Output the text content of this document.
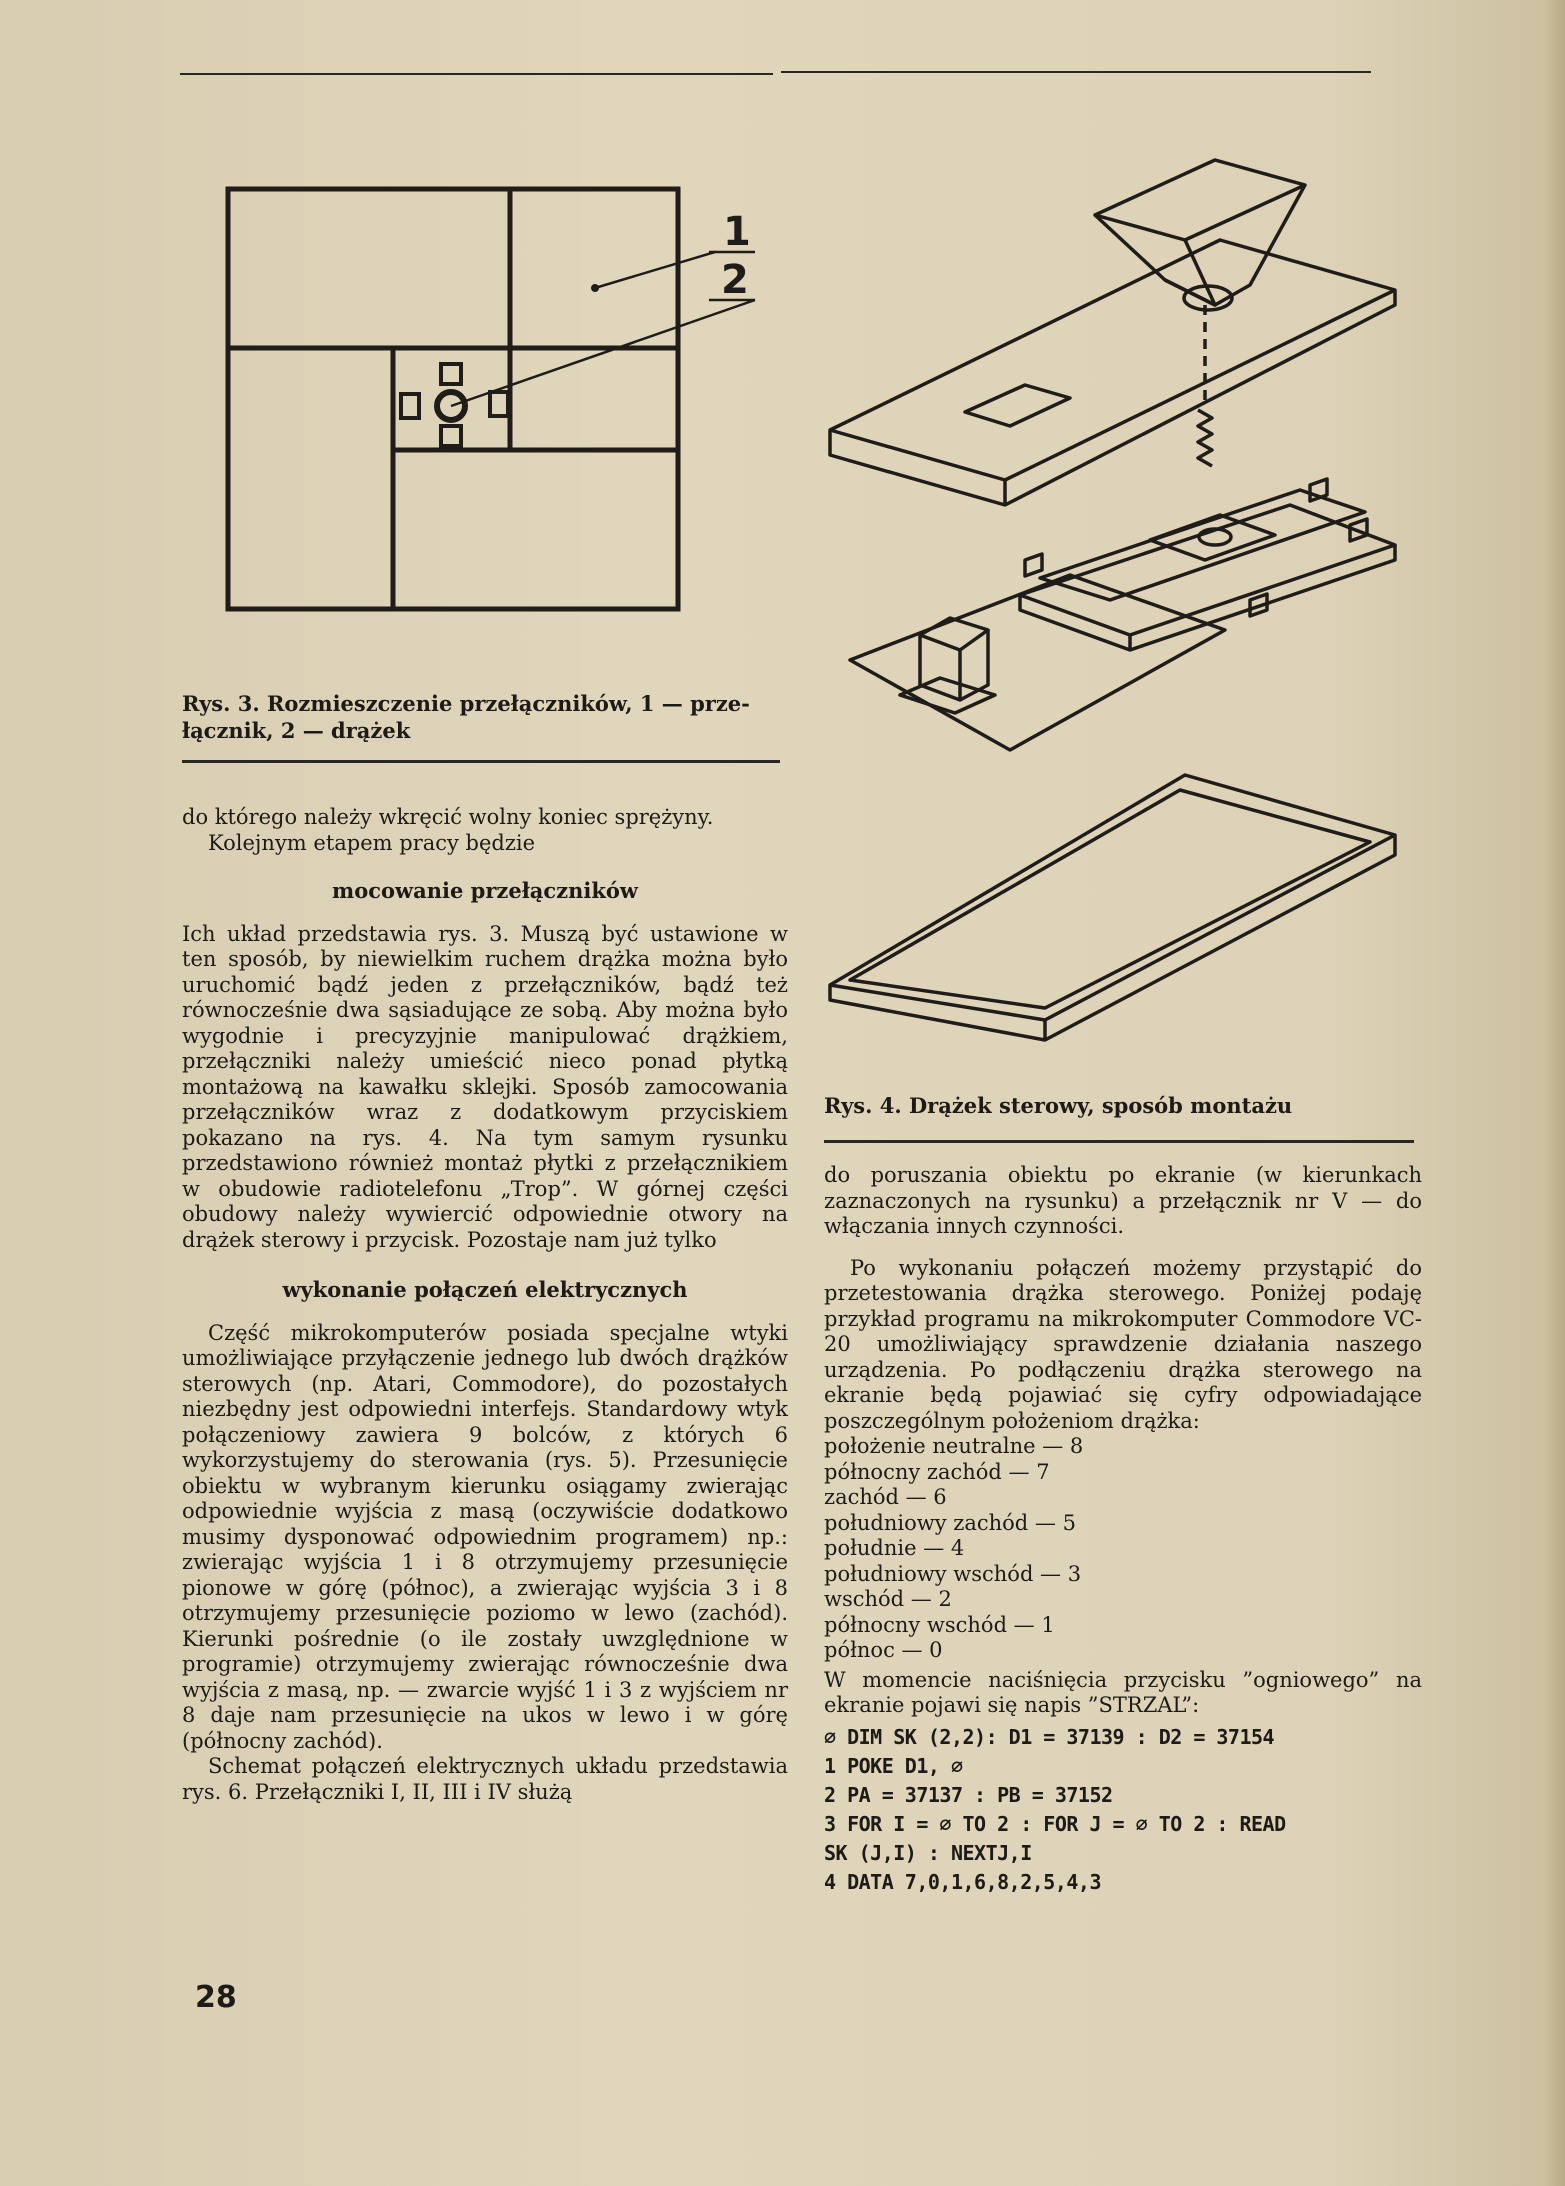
1
2
Rys. 3. Rozmieszczenie przełączników, 1 — prze-łącznik, 2 — drążek
Rys. 4. Drążek sterowy, sposób montażu

do którego należy wkręcić wolny koniec sprężyny.

Kolejnym etapem pracy będzie

mocowanie przełączników

Ich układ przedstawia rys. 3. Muszą być ustawione w ten sposób, by niewielkim ruchem drążka można było uruchomić bądź jeden z przełączników, bądź też równocześnie dwa sąsiadujące ze sobą. Aby można było wygodnie i precyzyjnie manipulować drążkiem, przełączniki należy umieścić nieco ponad płytką montażową na kawałku sklejki. Sposób zamocowania przełączników wraz z dodatkowym przyciskiem pokazano na rys. 4. Na tym samym rysunku przedstawiono również montaż płytki z przełącznikiem w obudowie radiotelefonu „Trop”. W górnej części obudowy należy wywiercić odpowiednie otwory na drążek sterowy i przycisk. Pozostaje nam już tylko

wykonanie połączeń elektrycznych

Część mikrokomputerów posiada specjalne wtyki umożliwiające przyłączenie jednego lub dwóch drążków sterowych (np. Atari, Commodore), do pozostałych niezbędny jest odpowiedni interfejs. Standardowy wtyk połączeniowy zawiera 9 bolców, z których 6 wykorzystujemy do sterowania (rys. 5). Przesunięcie obiektu w wybranym kierunku osiągamy zwierając odpowiednie wyjścia z masą (oczywiście dodatkowo musimy dysponować odpowiednim programem) np.: zwierając wyjścia 1 i 8 otrzymujemy przesunięcie pionowe w górę (północ), a zwierając wyjścia 3 i 8 otrzymujemy przesunięcie poziomo w lewo (zachód). Kierunki pośrednie (o ile zostały uwzględnione w programie) otrzymujemy zwierając równocześnie dwa wyjścia z masą, np. — zwarcie wyjść 1 i 3 z wyjściem nr 8 daje nam przesunięcie na ukos w lewo i w górę (północny zachód).

Schemat połączeń elektrycznych układu przedstawia rys. 6. Przełączniki I, II, III i IV służą

do poruszania obiektu po ekranie (w kierunkach zaznaczonych na rysunku) a przełącznik nr V — do włączania innych czynności.

Po wykonaniu połączeń możemy przystąpić do przetestowania drążka sterowego. Poniżej podaję przykład programu na mikrokomputer Commodore VC-20 umożliwiający sprawdzenie działania naszego urządzenia. Po podłączeniu drążka sterowego na ekranie będą pojawiać się cyfry odpowiadające poszczególnym położeniom drążka:

położenie neutralne — 8

północny zachód — 7

zachód — 6

południowy zachód — 5

południe — 4

południowy wschód — 3

wschód — 2

północny wschód — 1

północ — 0

W momencie naciśnięcia przycisku ”ogniowego” na ekranie pojawi się napis ”STRZAL”:

∅ DIM SK (2,2): D1 = 37139 : D2 = 37154

1 POKE D1, ∅

2 PA = 37137 : PB = 37152

3 FOR I = ∅ TO 2 : FOR J = ∅ TO 2 : READ

SK (J,I) : NEXTJ,I

4 DATA 7,0,1,6,8,2,5,4,3

28
